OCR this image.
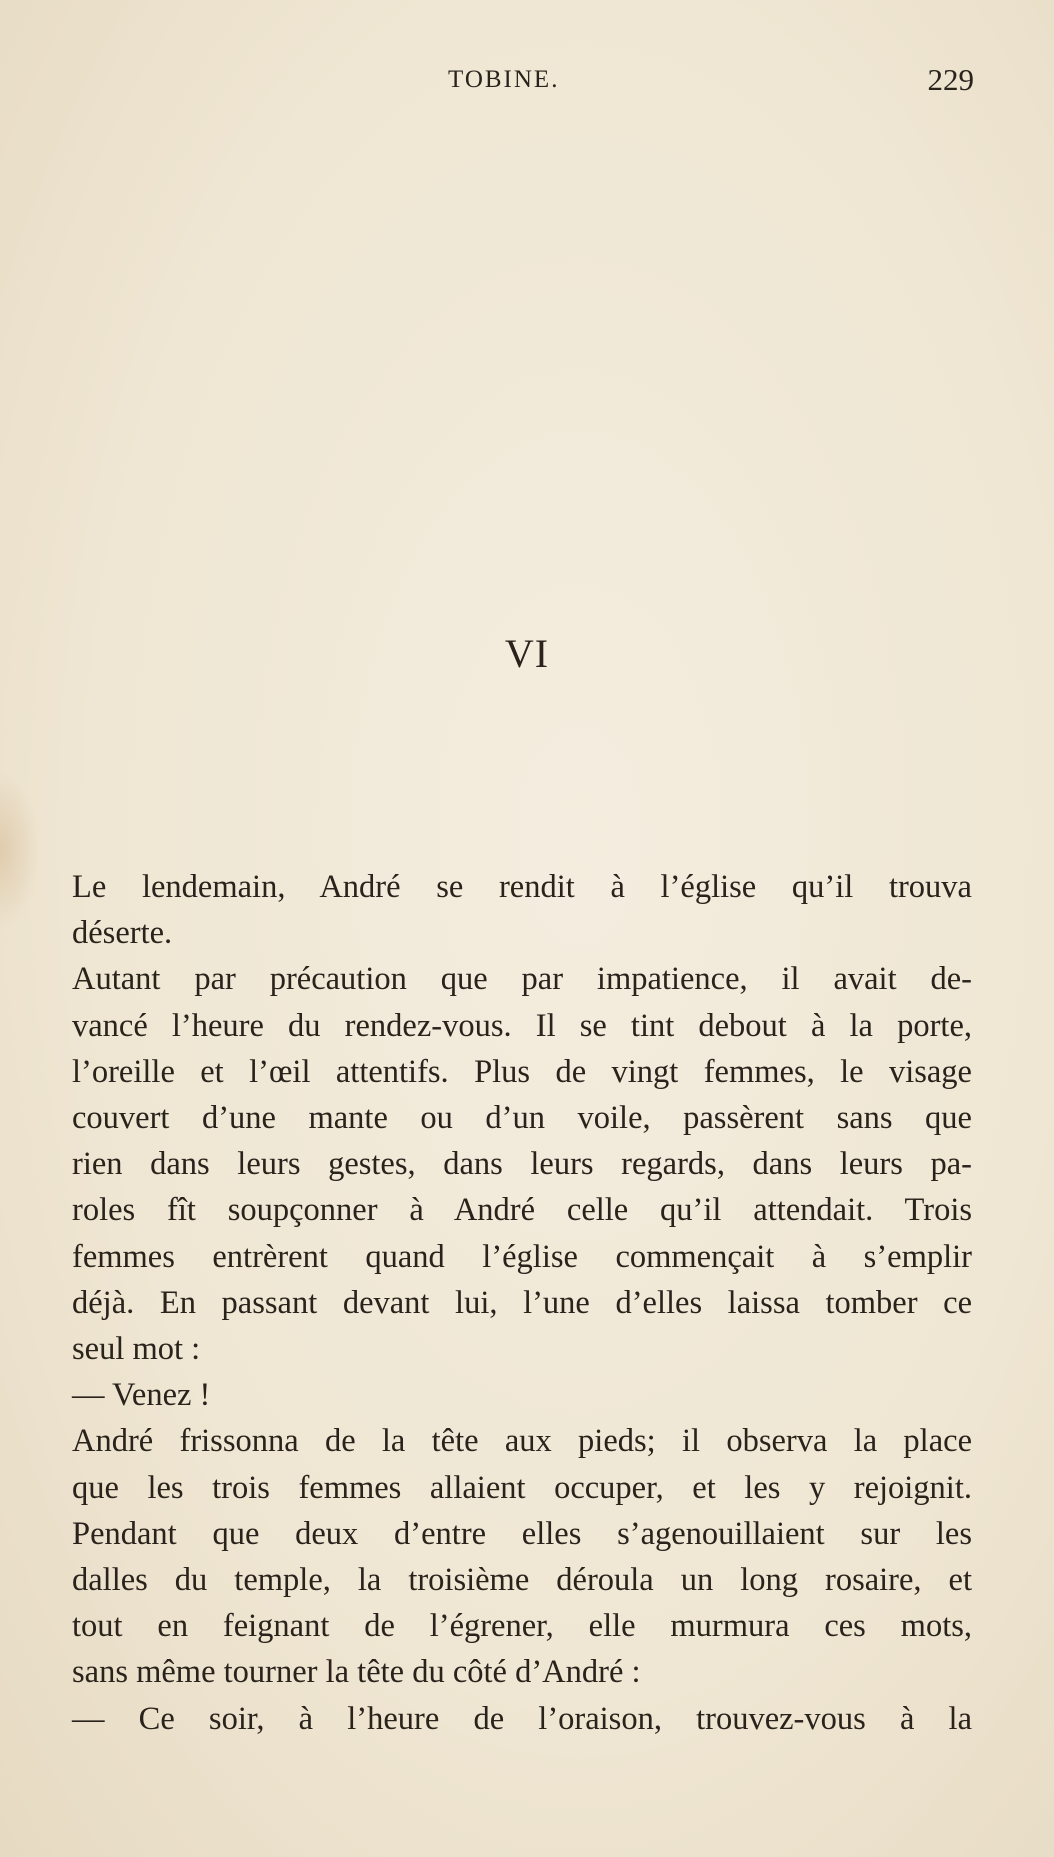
TOBINE.	229
VI

Le lendemain, André se rendit à l’église qu’il trouva

déserte.

Autant par précaution que par impatience, il avait de-

vancé l’heure du rendez-vous. Il se tint debout à la porte,

l’oreille et l’œil attentifs. Plus de vingt femmes, le visage

couvert d’une mante ou d’un voile, passèrent sans que

rien dans leurs gestes, dans leurs regards, dans leurs pa-

roles fît soupçonner à André celle qu’il attendait. Trois

femmes entrèrent quand l’église commençait à s’emplir

déjà. En passant devant lui, l’une d’elles laissa tomber ce

seul mot :

— Venez !

André frissonna de la tête aux pieds; il observa la place

que les trois femmes allaient occuper, et les y rejoignit.

Pendant que deux d’entre elles s’agenouillaient sur les

dalles du temple, la troisième déroula un long rosaire, et

tout en feignant de l’égrener, elle murmura ces mots,

sans même tourner la tête du côté d’André :

— Ce soir, à l’heure de l’oraison, trouvez-vous à la
